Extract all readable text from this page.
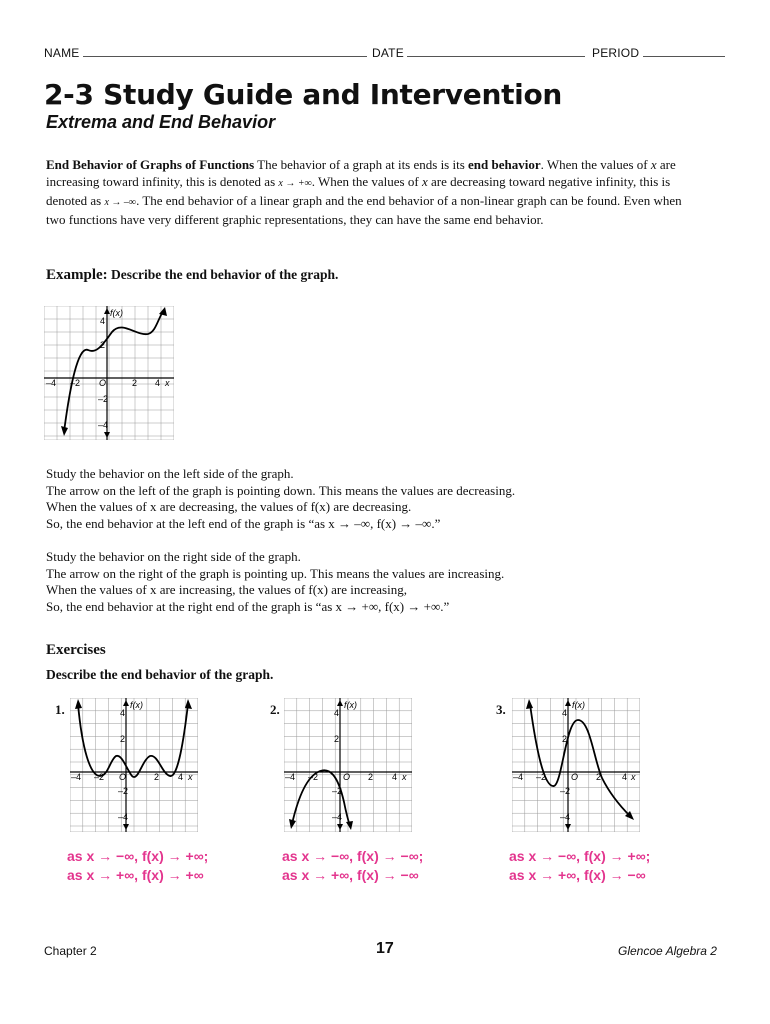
NAME	DATE	PERIOD
2-3 Study Guide and Intervention
Extrema and End Behavior
End Behavior of Graphs of Functions The behavior of a graph at its ends is its end behavior. When the values of x are increasing toward infinity, this is denoted as x → +∞. When the values of x are decreasing toward negative infinity, this is denoted as x → –∞. The end behavior of a linear graph and the end behavior of a non-linear graph can be found. Even when two functions have very different graphic representations, they can have the same end behavior.
Example: Describe the end behavior of the graph.
f(x)
4
2
–2
–4
–4 –2 O	2 4 x
Study the behavior on the left side of the graph.
The arrow on the left of the graph is pointing down. This means the values are decreasing.
When the values of x are decreasing, the values of f(x) are decreasing.
So, the end behavior at the left end of the graph is “as x → –∞, f(x) → –∞.”
Study the behavior on the right side of the graph.
The arrow on the right of the graph is pointing up. This means the values are increasing.
When the values of x are increasing, the values of f(x) are increasing,
So, the end behavior at the right end of the graph is “as x → +∞, f(x) → +∞.”
Exercises
Describe the end behavior of the graph.
1.	f(x)
4
2
–2
–4
–4 –2 O	2 4 x
as x → −∞, f(x) → +∞;
as x → +∞, f(x) → +∞
2.	f(x)
4
2
–2
–4
–4 –2	O 2 4 x
as x → −∞, f(x) → −∞;
as x → +∞, f(x) → −∞
3.	f(x)
4
2
–2
–4
–4 –2	O 2 4 x
as x → −∞, f(x) → +∞;
as x → +∞, f(x) → −∞
Chapter 2	17	Glencoe Algebra 2
